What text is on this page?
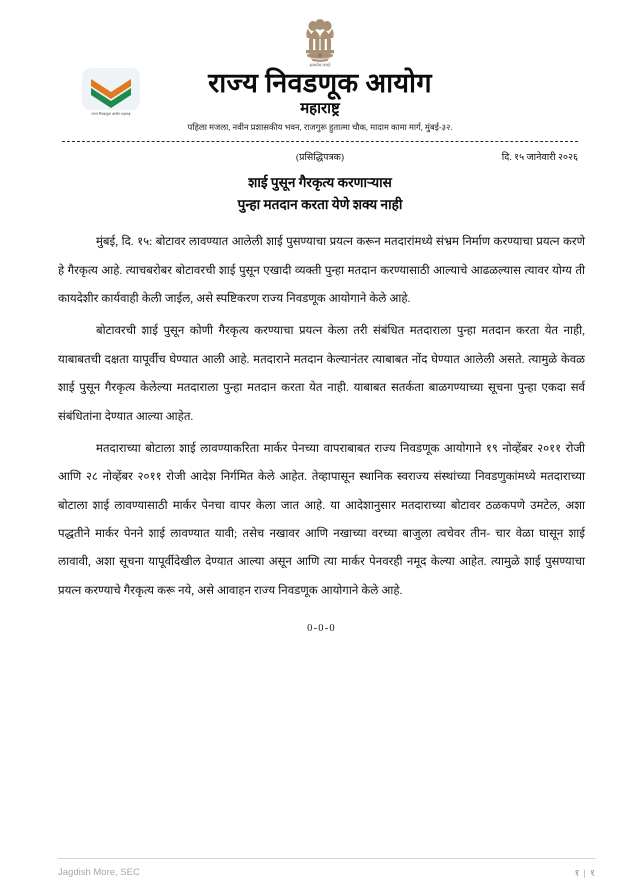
सत्यमेव जयते
राज्य निवडणूक आयोग महाराष्ट्र
राज्य निवडणूक आयोग
महाराष्ट्र
पहिला मजला, नवीन प्रशासकीय भवन, राजगुरू हुतात्मा चौक, मादाम कामा मार्ग, मुंबई-३२.
(प्रसिद्धिपत्रक)	दि. १५ जानेवारी २०२६
शाई पुसून गैरकृत्य करणाऱ्यास
पुन्हा मतदान करता येणे शक्य नाही

मुंबई, दि. १५: बोटावर लावण्यात आलेली शाई पुसण्याचा प्रयत्न करून मतदारांमध्ये संभ्रम निर्माण करण्याचा प्रयत्न करणे हे गैरकृत्य आहे. त्याचबरोबर बोटावरची शाई पुसून एखादी व्यक्ती पुन्हा मतदान करण्यासाठी आल्याचे आढळल्यास त्यावर योग्य ती कायदेशीर कार्यवाही केली जाईल, असे स्पष्टिकरण राज्य निवडणूक आयोगाने केले आहे.

बोटावरची शाई पुसून कोणी गैरकृत्य करण्याचा प्रयत्न केला तरी संबंधित मतदाराला पुन्हा मतदान करता येत नाही, याबाबतची दक्षता यापूर्वीच घेण्यात आली आहे. मतदाराने मतदान केल्यानंतर त्याबाबत नोंद घेण्यात आलेली असते. त्यामुळे केवळ शाई पुसून गैरकृत्य केलेल्या मतदाराला पुन्हा मतदान करता येत नाही. याबाबत सतर्कता बाळगण्याच्या सूचना पुन्हा एकदा सर्व संबंधितांना देण्यात आल्या आहेत.

मतदाराच्या बोटाला शाई लावण्याकरिता मार्कर पेनच्या वापराबाबत राज्य निवडणूक आयोगाने १९ नोव्हेंबर २०११ रोजी आणि २८ नोव्हेंबर २०११ रोजी आदेश निर्गमित केले आहेत. तेव्हापासून स्थानिक स्वराज्य संस्थांच्या निवडणुकांमध्ये मतदाराच्या बोटाला शाई लावण्यासाठी मार्कर पेनचा वापर केला जात आहे. या आदेशानुसार मतदाराच्या बोटावर ठळकपणे उमटेल, अशा पद्धतीने मार्कर पेनने शाई लावण्यात यावी; तसेच नखावर आणि नखाच्या वरच्या बाजुला त्वचेवर तीन- चार वेळा घासून शाई लावावी, अशा सूचना यापूर्वीदेखील देण्यात आल्या असून आणि त्या मार्कर पेनवरही नमूद केल्या आहेत. त्यामुळे शाई पुसण्याचा प्रयत्न करण्याचे गैरकृत्य करू नये, असे आवाहन राज्य निवडणूक आयोगाने केले आहे.

0-0-0
Jagdish More, SEC	१ | १
